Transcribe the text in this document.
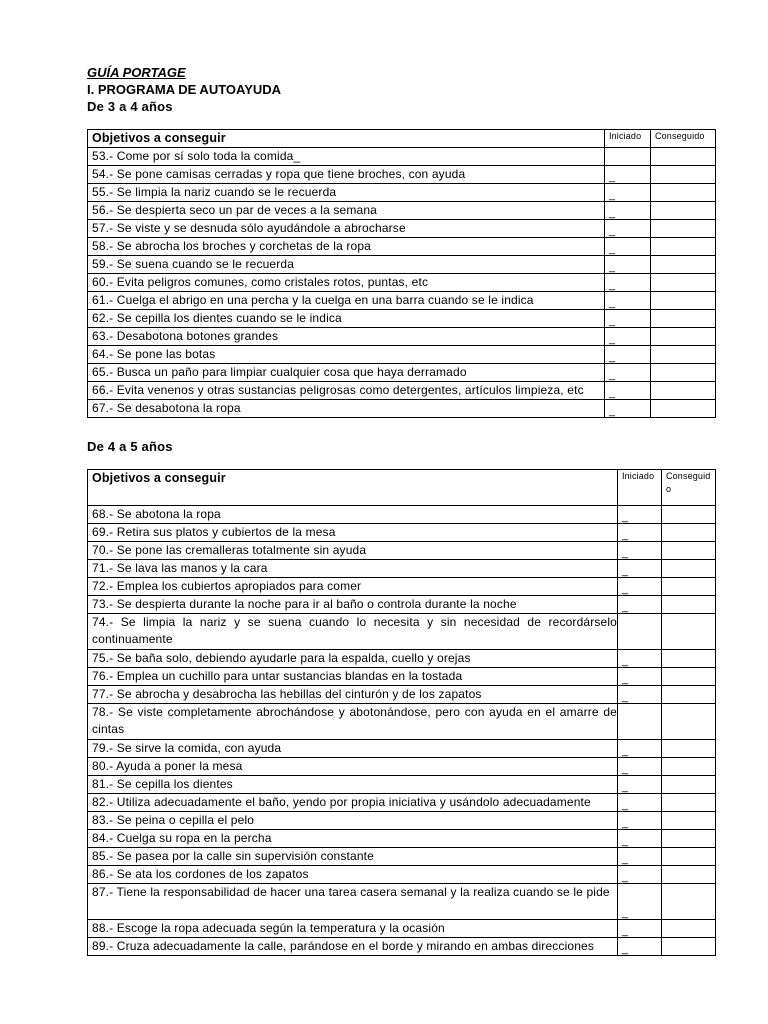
GUÍA PORTAGE
I. PROGRAMA DE AUTOAYUDA
De 3 a 4 años
Objetivos a conseguir	Iniciado	Conseguido
53.- Come por sí solo toda la comida_	

54.- Se pone camisas cerradas y ropa que tiene broches, con ayuda	_	

55.- Se limpia la nariz cuando se le recuerda	_	

56.- Se despierta seco un par de veces a la semana	_	

57.- Se viste y se desnuda sólo ayudándole a abrocharse	_	

58.- Se abrocha los broches y corchetas de la ropa	_	

59.- Se suena cuando se le recuerda	_	

60.- Evita peligros comunes, como cristales rotos, puntas, etc	_	

61.- Cuelga el abrigo en una percha y la cuelga en una barra cuando se le indica	_	

62.- Se cepilla los dientes cuando se le indica	_	

63.- Desabotona botones grandes	_	

64.- Se pone las botas	_	

65.- Busca un paño para limpiar cualquier cosa que haya derramado	_	

66.- Evita venenos y otras sustancias peligrosas como detergentes, artículos limpieza, etc	_	

67.- Se desabotona la ropa	_	

De 4 a 5 años
Objetivos a conseguir	Iniciado	Conseguido
68.- Se abotona la ropa	_	

69.- Retira sus platos y cubiertos de la mesa	_	

70.- Se pone las cremalleras totalmente sin ayuda	_	

71.- Se lava las manos y la cara	_	

72.- Emplea los cubiertos apropiados para comer	_	

73.- Se despierta durante la noche para ir al baño o controla durante la noche	_	

74.- Se limpia la nariz y se suena cuando lo necesita y sin necesidad de recordárselo continuamente	

75.- Se baña solo, debiendo ayudarle para la espalda, cuello y orejas	_	

76.- Emplea un cuchillo para untar sustancias blandas en la tostada	_	

77.- Se abrocha y desabrocha las hebillas del cinturón y de los zapatos	_	

78.- Se viste completamente abrochándose y abotonándose, pero con ayuda en el amarre de cintas	

79.- Se sirve la comida, con ayuda	_	

80.- Ayuda a poner la mesa	_	

81.- Se cepilla los dientes	_	

82.- Utiliza adecuadamente el baño, yendo por propia iniciativa y usándolo adecuadamente	_	

83.- Se peina o cepilla el pelo	_	

84.- Cuelga su ropa en la percha	_	

85.- Se pasea por la calle sin supervisión constante	_	

86.- Se ata los cordones de los zapatos	_	

87.- Tiene la responsabilidad de hacer una tarea casera semanal y la realiza cuando se le pide	_	

88.- Escoge la ropa adecuada según la temperatura y la ocasión	_	

89.- Cruza adecuadamente la calle, parándose en el borde y mirando en ambas direcciones	_	
